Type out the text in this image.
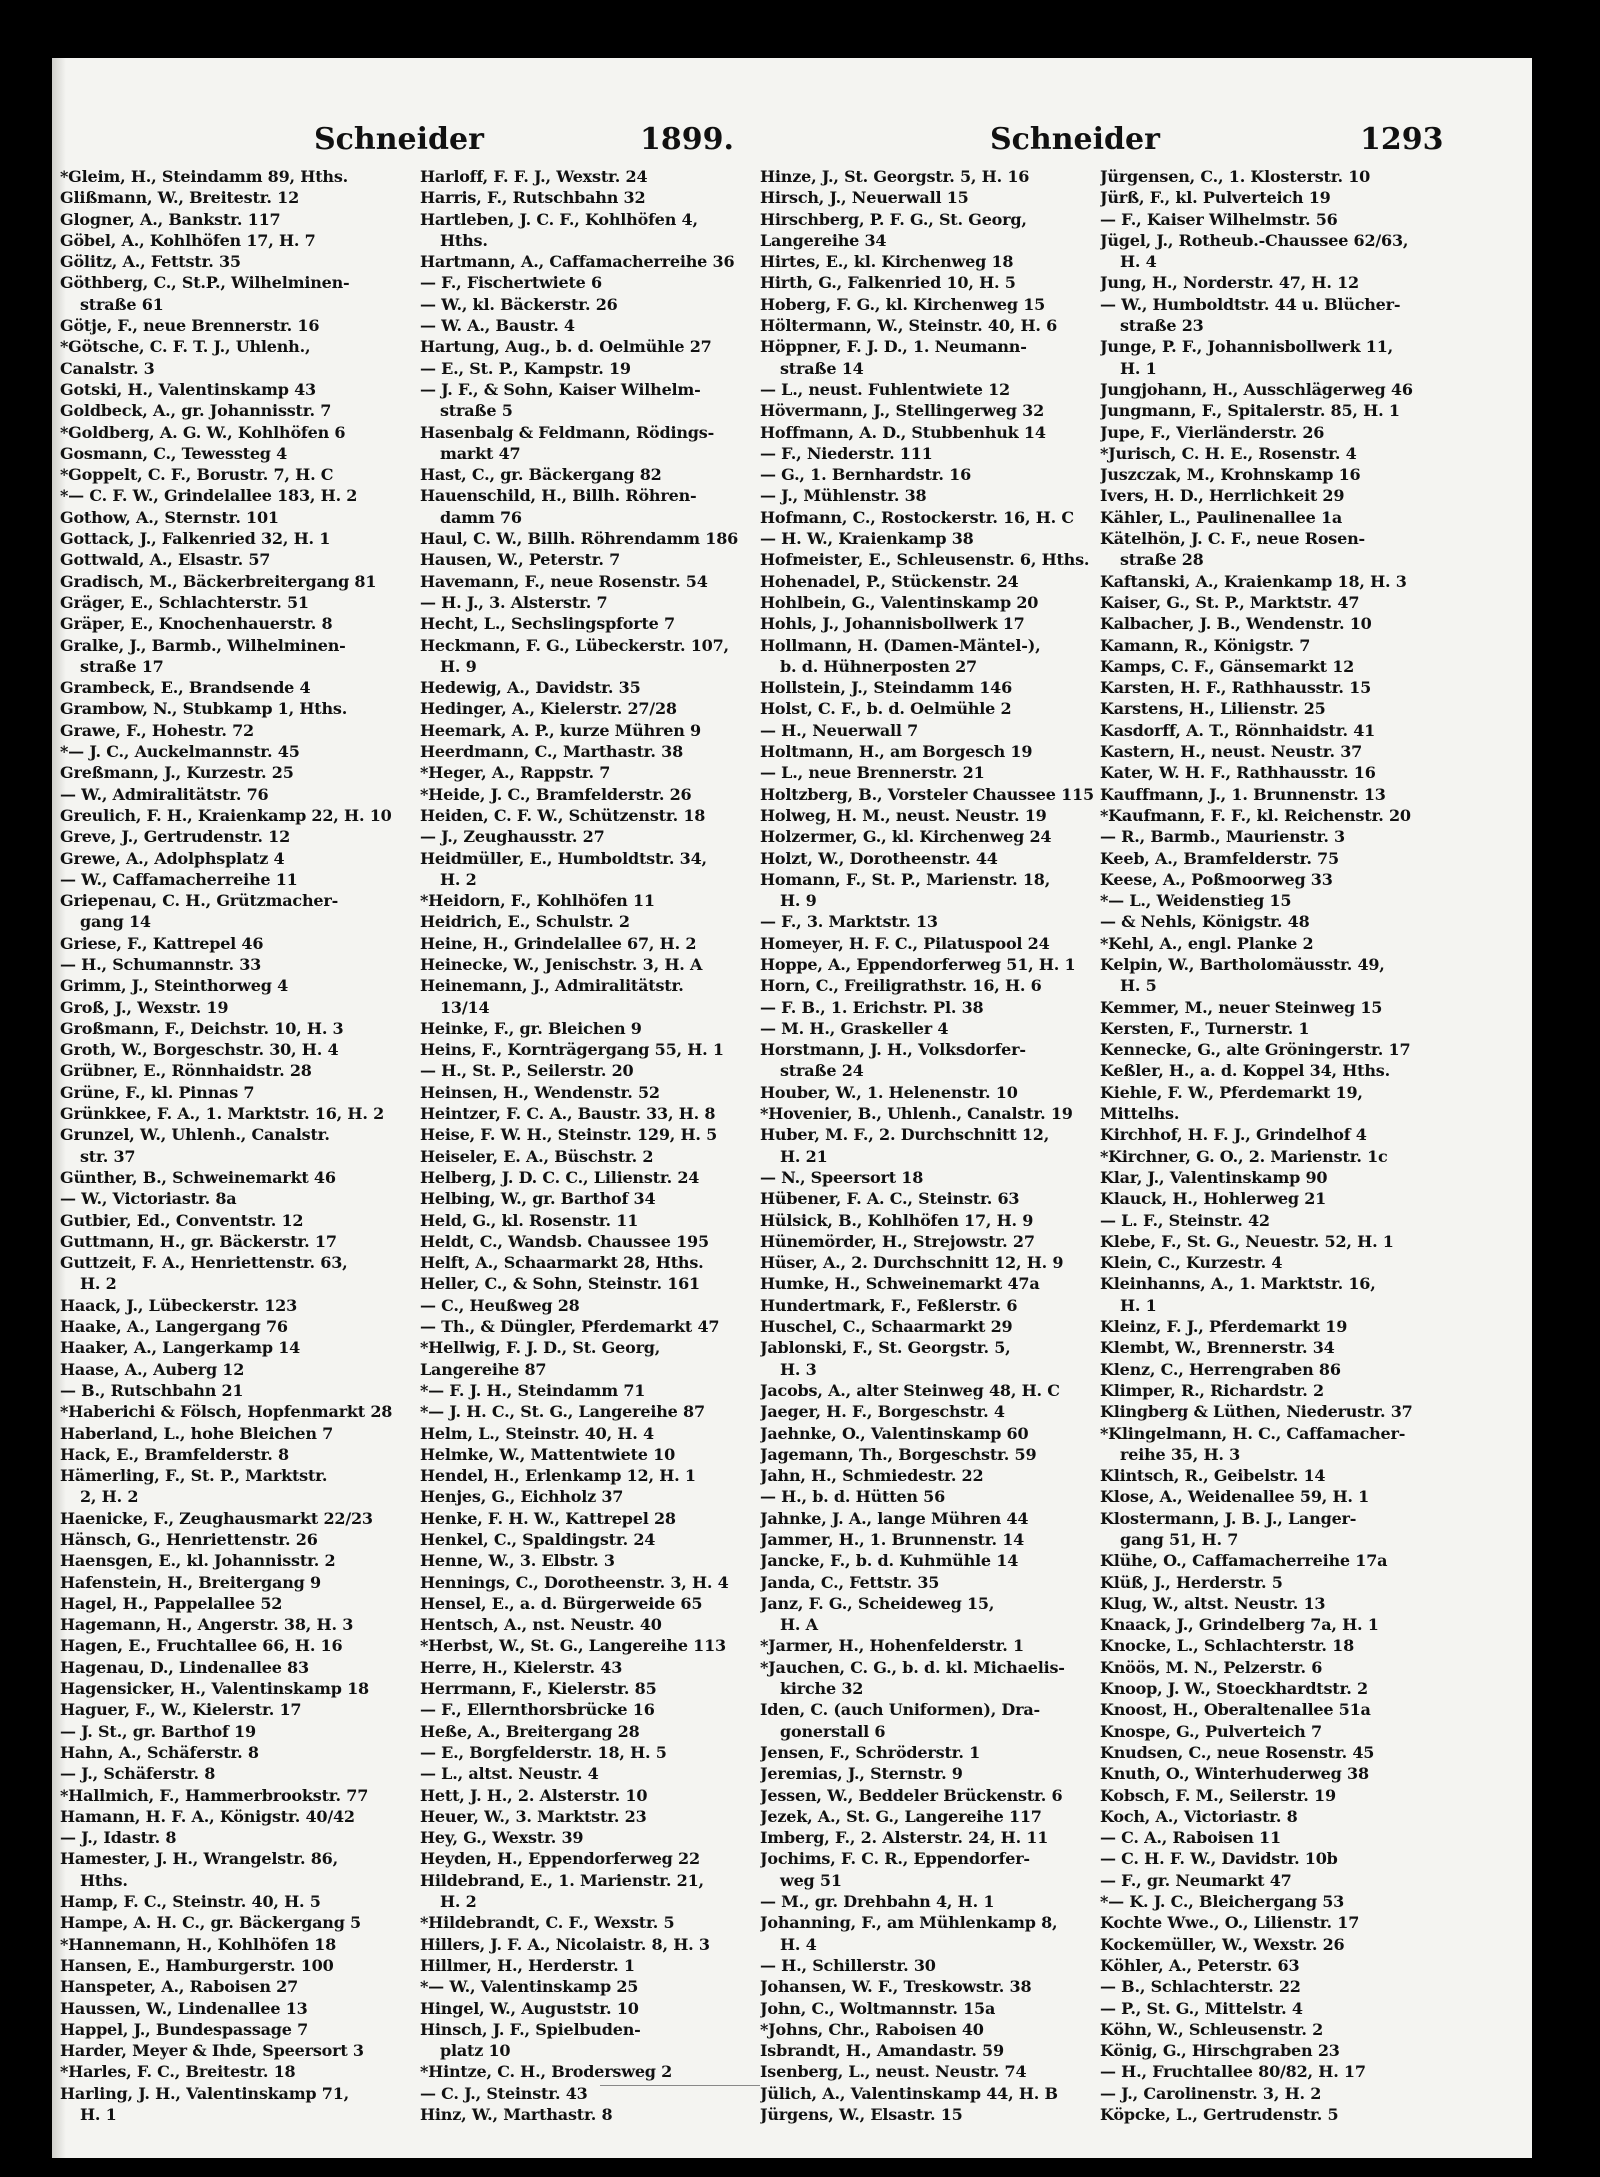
Schneider	1899.	Schneider	1293
*Gleim, H., Steindamm 89, Hths.
Glißmann, W., Breitestr. 12
Glogner, A., Bankstr. 117
Göbel, A., Kohlhöfen 17, H. 7
Gölitz, A., Fettstr. 35
Göthberg, C., St.P., Wilhelminen-
straße 61
Götje, F., neue Brennerstr. 16
*Götsche, C. F. T. J., Uhlenh.,
Canalstr. 3
Gotski, H., Valentinskamp 43
Goldbeck, A., gr. Johannisstr. 7
*Goldberg, A. G. W., Kohlhöfen 6
Gosmann, C., Tewessteg 4
*Goppelt, C. F., Borustr. 7, H. C
*— C. F. W., Grindelallee 183, H. 2
Gothow, A., Sternstr. 101
Gottack, J., Falkenried 32, H. 1
Gottwald, A., Elsastr. 57
Gradisch, M., Bäckerbreitergang 81
Gräger, E., Schlachterstr. 51
Gräper, E., Knochenhauerstr. 8
Gralke, J., Barmb., Wilhelminen-
straße 17
Grambeck, E., Brandsende 4
Grambow, N., Stubkamp 1, Hths.
Grawe, F., Hohestr. 72
*— J. C., Auckelmannstr. 45
Greßmann, J., Kurzestr. 25
— W., Admiralitätstr. 76
Greulich, F. H., Kraienkamp 22, H. 10
Greve, J., Gertrudenstr. 12
Grewe, A., Adolphsplatz 4
— W., Caffamacherreihe 11
Griepenau, C. H., Grützmacher-
gang 14
Griese, F., Kattrepel 46
— H., Schumannstr. 33
Grimm, J., Steinthorweg 4
Groß, J., Wexstr. 19
Großmann, F., Deichstr. 10, H. 3
Groth, W., Borgeschstr. 30, H. 4
Grübner, E., Rönnhaidstr. 28
Grüne, F., kl. Pinnas 7
Grünkkee, F. A., 1. Marktstr. 16, H. 2
Grunzel, W., Uhlenh., Canalstr.
str. 37
Günther, B., Schweinemarkt 46
— W., Victoriastr. 8a
Gutbier, Ed., Conventstr. 12
Guttmann, H., gr. Bäckerstr. 17
Guttzeit, F. A., Henriettenstr. 63,
H. 2
Haack, J., Lübeckerstr. 123
Haake, A., Langergang 76
Haaker, A., Langerkamp 14
Haase, A., Auberg 12
— B., Rutschbahn 21
*Haberichi & Fölsch, Hopfenmarkt 28
Haberland, L., hohe Bleichen 7
Hack, E., Bramfelderstr. 8
Hämerling, F., St. P., Marktstr.
2, H. 2
Haenicke, F., Zeughausmarkt 22/23
Hänsch, G., Henriettenstr. 26
Haensgen, E., kl. Johannisstr. 2
Hafenstein, H., Breitergang 9
Hagel, H., Pappelallee 52
Hagemann, H., Angerstr. 38, H. 3
Hagen, E., Fruchtallee 66, H. 16
Hagenau, D., Lindenallee 83
Hagensicker, H., Valentinskamp 18
Haguer, F., W., Kielerstr. 17
— J. St., gr. Barthof 19
Hahn, A., Schäferstr. 8
— J., Schäferstr. 8
*Hallmich, F., Hammerbrookstr. 77
Hamann, H. F. A., Königstr. 40/42
— J., Idastr. 8
Hamester, J. H., Wrangelstr. 86,
Hths.
Hamp, F. C., Steinstr. 40, H. 5
Hampe, A. H. C., gr. Bäckergang 5
*Hannemann, H., Kohlhöfen 18
Hansen, E., Hamburgerstr. 100
Hanspeter, A., Raboisen 27
Haussen, W., Lindenallee 13
Happel, J., Bundespassage 7
Harder, Meyer & Ihde, Speersort 3
*Harles, F. C., Breitestr. 18
Harling, J. H., Valentinskamp 71,
H. 1
Harloff, F. F. J., Wexstr. 24
Harris, F., Rutschbahn 32
Hartleben, J. C. F., Kohlhöfen 4,
Hths.
Hartmann, A., Caffamacherreihe 36
— F., Fischertwiete 6
— W., kl. Bäckerstr. 26
— W. A., Baustr. 4
Hartung, Aug., b. d. Oelmühle 27
— E., St. P., Kampstr. 19
— J. F., & Sohn, Kaiser Wilhelm-
straße 5
Hasenbalg & Feldmann, Rödings-
markt 47
Hast, C., gr. Bäckergang 82
Hauenschild, H., Billh. Röhren-
damm 76
Haul, C. W., Billh. Röhrendamm 186
Hausen, W., Peterstr. 7
Havemann, F., neue Rosenstr. 54
— H. J., 3. Alsterstr. 7
Hecht, L., Sechslingspforte 7
Heckmann, F. G., Lübeckerstr. 107,
H. 9
Hedewig, A., Davidstr. 35
Hedinger, A., Kielerstr. 27/28
Heemark, A. P., kurze Mühren 9
Heerdmann, C., Marthastr. 38
*Heger, A., Rappstr. 7
*Heide, J. C., Bramfelderstr. 26
Heiden, C. F. W., Schützenstr. 18
— J., Zeughausstr. 27
Heidmüller, E., Humboldtstr. 34,
H. 2
*Heidorn, F., Kohlhöfen 11
Heidrich, E., Schulstr. 2
Heine, H., Grindelallee 67, H. 2
Heinecke, W., Jenischstr. 3, H. A
Heinemann, J., Admiralitätstr.
13/14
Heinke, F., gr. Bleichen 9
Heins, F., Kornträgergang 55, H. 1
— H., St. P., Seilerstr. 20
Heinsen, H., Wendenstr. 52
Heintzer, F. C. A., Baustr. 33, H. 8
Heise, F. W. H., Steinstr. 129, H. 5
Heiseler, E. A., Büschstr. 2
Helberg, J. D. C. C., Lilienstr. 24
Helbing, W., gr. Barthof 34
Held, G., kl. Rosenstr. 11
Heldt, C., Wandsb. Chaussee 195
Helft, A., Schaarmarkt 28, Hths.
Heller, C., & Sohn, Steinstr. 161
— C., Heußweg 28
— Th., & Düngler, Pferdemarkt 47
*Hellwig, F. J. D., St. Georg,
Langereihe 87
*— F. J. H., Steindamm 71
*— J. H. C., St. G., Langereihe 87
Helm, L., Steinstr. 40, H. 4
Helmke, W., Mattentwiete 10
Hendel, H., Erlenkamp 12, H. 1
Henjes, G., Eichholz 37
Henke, F. H. W., Kattrepel 28
Henkel, C., Spaldingstr. 24
Henne, W., 3. Elbstr. 3
Hennings, C., Dorotheenstr. 3, H. 4
Hensel, E., a. d. Bürgerweide 65
Hentsch, A., nst. Neustr. 40
*Herbst, W., St. G., Langereihe 113
Herre, H., Kielerstr. 43
Herrmann, F., Kielerstr. 85
— F., Ellernthorsbrücke 16
Heße, A., Breitergang 28
— E., Borgfelderstr. 18, H. 5
— L., altst. Neustr. 4
Hett, J. H., 2. Alsterstr. 10
Heuer, W., 3. Marktstr. 23
Hey, G., Wexstr. 39
Heyden, H., Eppendorferweg 22
Hildebrand, E., 1. Marienstr. 21,
H. 2
*Hildebrandt, C. F., Wexstr. 5
Hillers, J. F. A., Nicolaistr. 8, H. 3
Hillmer, H., Herderstr. 1
*— W., Valentinskamp 25
Hingel, W., Auguststr. 10
Hinsch, J. F., Spielbuden-
platz 10
*Hintze, C. H., Brodersweg 2
— C. J., Steinstr. 43
Hinz, W., Marthastr. 8
Hinze, J., St. Georgstr. 5, H. 16
Hirsch, J., Neuerwall 15
Hirschberg, P. F. G., St. Georg,
Langereihe 34
Hirtes, E., kl. Kirchenweg 18
Hirth, G., Falkenried 10, H. 5
Hoberg, F. G., kl. Kirchenweg 15
Höltermann, W., Steinstr. 40, H. 6
Höppner, F. J. D., 1. Neumann-
straße 14
— L., neust. Fuhlentwiete 12
Hövermann, J., Stellingerweg 32
Hoffmann, A. D., Stubbenhuk 14
— F., Niederstr. 111
— G., 1. Bernhardstr. 16
— J., Mühlenstr. 38
Hofmann, C., Rostockerstr. 16, H. C
— H. W., Kraienkamp 38
Hofmeister, E., Schleusenstr. 6, Hths.
Hohenadel, P., Stückenstr. 24
Hohlbein, G., Valentinskamp 20
Hohls, J., Johannisbollwerk 17
Hollmann, H. (Damen-Mäntel-),
b. d. Hühnerposten 27
Hollstein, J., Steindamm 146
Holst, C. F., b. d. Oelmühle 2
— H., Neuerwall 7
Holtmann, H., am Borgesch 19
— L., neue Brennerstr. 21
Holtzberg, B., Vorsteler Chaussee 115
Holweg, H. M., neust. Neustr. 19
Holzermer, G., kl. Kirchenweg 24
Holzt, W., Dorotheenstr. 44
Homann, F., St. P., Marienstr. 18,
H. 9
— F., 3. Marktstr. 13
Homeyer, H. F. C., Pilatuspool 24
Hoppe, A., Eppendorferweg 51, H. 1
Horn, C., Freiligrathstr. 16, H. 6
— F. B., 1. Erichstr. Pl. 38
— M. H., Graskeller 4
Horstmann, J. H., Volksdorfer-
straße 24
Houber, W., 1. Helenenstr. 10
*Hovenier, B., Uhlenh., Canalstr. 19
Huber, M. F., 2. Durchschnitt 12,
H. 21
— N., Speersort 18
Hübener, F. A. C., Steinstr. 63
Hülsick, B., Kohlhöfen 17, H. 9
Hünemörder, H., Strejowstr. 27
Hüser, A., 2. Durchschnitt 12, H. 9
Humke, H., Schweinemarkt 47a
Hundertmark, F., Feßlerstr. 6
Huschel, C., Schaarmarkt 29
Jablonski, F., St. Georgstr. 5,
H. 3
Jacobs, A., alter Steinweg 48, H. C
Jaeger, H. F., Borgeschstr. 4
Jaehnke, O., Valentinskamp 60
Jagemann, Th., Borgeschstr. 59
Jahn, H., Schmiedestr. 22
— H., b. d. Hütten 56
Jahnke, J. A., lange Mühren 44
Jammer, H., 1. Brunnenstr. 14
Jancke, F., b. d. Kuhmühle 14
Janda, C., Fettstr. 35
Janz, F. G., Scheideweg 15,
H. A
*Jarmer, H., Hohenfelderstr. 1
*Jauchen, C. G., b. d. kl. Michaelis-
kirche 32
Iden, C. (auch Uniformen), Dra-
gonerstall 6
Jensen, F., Schröderstr. 1
Jeremias, J., Sternstr. 9
Jessen, W., Beddeler Brückenstr. 6
Jezek, A., St. G., Langereihe 117
Imberg, F., 2. Alsterstr. 24, H. 11
Jochims, F. C. R., Eppendorfer-
weg 51
— M., gr. Drehbahn 4, H. 1
Johanning, F., am Mühlenkamp 8,
H. 4
— H., Schillerstr. 30
Johansen, W. F., Treskowstr. 38
John, C., Woltmannstr. 15a
*Johns, Chr., Raboisen 40
Isbrandt, H., Amandastr. 59
Isenberg, L., neust. Neustr. 74
Jülich, A., Valentinskamp 44, H. B
Jürgens, W., Elsastr. 15
Jürgensen, C., 1. Klosterstr. 10
Jürß, F., kl. Pulverteich 19
— F., Kaiser Wilhelmstr. 56
Jügel, J., Rotheub.-Chaussee 62/63,
H. 4
Jung, H., Norderstr. 47, H. 12
— W., Humboldtstr. 44 u. Blücher-
straße 23
Junge, P. F., Johannisbollwerk 11,
H. 1
Jungjohann, H., Ausschlägerweg 46
Jungmann, F., Spitalerstr. 85, H. 1
Jupe, F., Vierländerstr. 26
*Jurisch, C. H. E., Rosenstr. 4
Juszczak, M., Krohnskamp 16
Ivers, H. D., Herrlichkeit 29
Kähler, L., Paulinenallee 1a
Kätelhön, J. C. F., neue Rosen-
straße 28
Kaftanski, A., Kraienkamp 18, H. 3
Kaiser, G., St. P., Marktstr. 47
Kalbacher, J. B., Wendenstr. 10
Kamann, R., Königstr. 7
Kamps, C. F., Gänsemarkt 12
Karsten, H. F., Rathhausstr. 15
Karstens, H., Lilienstr. 25
Kasdorff, A. T., Rönnhaidstr. 41
Kastern, H., neust. Neustr. 37
Kater, W. H. F., Rathhausstr. 16
Kauffmann, J., 1. Brunnenstr. 13
*Kaufmann, F. F., kl. Reichenstr. 20
— R., Barmb., Maurienstr. 3
Keeb, A., Bramfelderstr. 75
Keese, A., Poßmoorweg 33
*— L., Weidenstieg 15
— & Nehls, Königstr. 48
*Kehl, A., engl. Planke 2
Kelpin, W., Bartholomäusstr. 49,
H. 5
Kemmer, M., neuer Steinweg 15
Kersten, F., Turnerstr. 1
Kennecke, G., alte Gröningerstr. 17
Keßler, H., a. d. Koppel 34, Hths.
Kiehle, F. W., Pferdemarkt 19,
Mittelhs.
Kirchhof, H. F. J., Grindelhof 4
*Kirchner, G. O., 2. Marienstr. 1c
Klar, J., Valentinskamp 90
Klauck, H., Hohlerweg 21
— L. F., Steinstr. 42
Klebe, F., St. G., Neuestr. 52, H. 1
Klein, C., Kurzestr. 4
Kleinhanns, A., 1. Marktstr. 16,
H. 1
Kleinz, F. J., Pferdemarkt 19
Klembt, W., Brennerstr. 34
Klenz, C., Herrengraben 86
Klimper, R., Richardstr. 2
Klingberg & Lüthen, Niederustr. 37
*Klingelmann, H. C., Caffamacher-
reihe 35, H. 3
Klintsch, R., Geibelstr. 14
Klose, A., Weidenallee 59, H. 1
Klostermann, J. B. J., Langer-
gang 51, H. 7
Klühe, O., Caffamacherreihe 17a
Klüß, J., Herderstr. 5
Klug, W., altst. Neustr. 13
Knaack, J., Grindelberg 7a, H. 1
Knocke, L., Schlachterstr. 18
Knöös, M. N., Pelzerstr. 6
Knoop, J. W., Stoeckhardtstr. 2
Knoost, H., Oberaltenallee 51a
Knospe, G., Pulverteich 7
Knudsen, C., neue Rosenstr. 45
Knuth, O., Winterhuderweg 38
Kobsch, F. M., Seilerstr. 19
Koch, A., Victoriastr. 8
— C. A., Raboisen 11
— C. H. F. W., Davidstr. 10b
— F., gr. Neumarkt 47
*— K. J. C., Bleichergang 53
Kochte Wwe., O., Lilienstr. 17
Kockemüller, W., Wexstr. 26
Köhler, A., Peterstr. 63
— B., Schlachterstr. 22
— P., St. G., Mittelstr. 4
Köhn, W., Schleusenstr. 2
König, G., Hirschgraben 23
— H., Fruchtallee 80/82, H. 17
— J., Carolinenstr. 3, H. 2
Köpcke, L., Gertrudenstr. 5
